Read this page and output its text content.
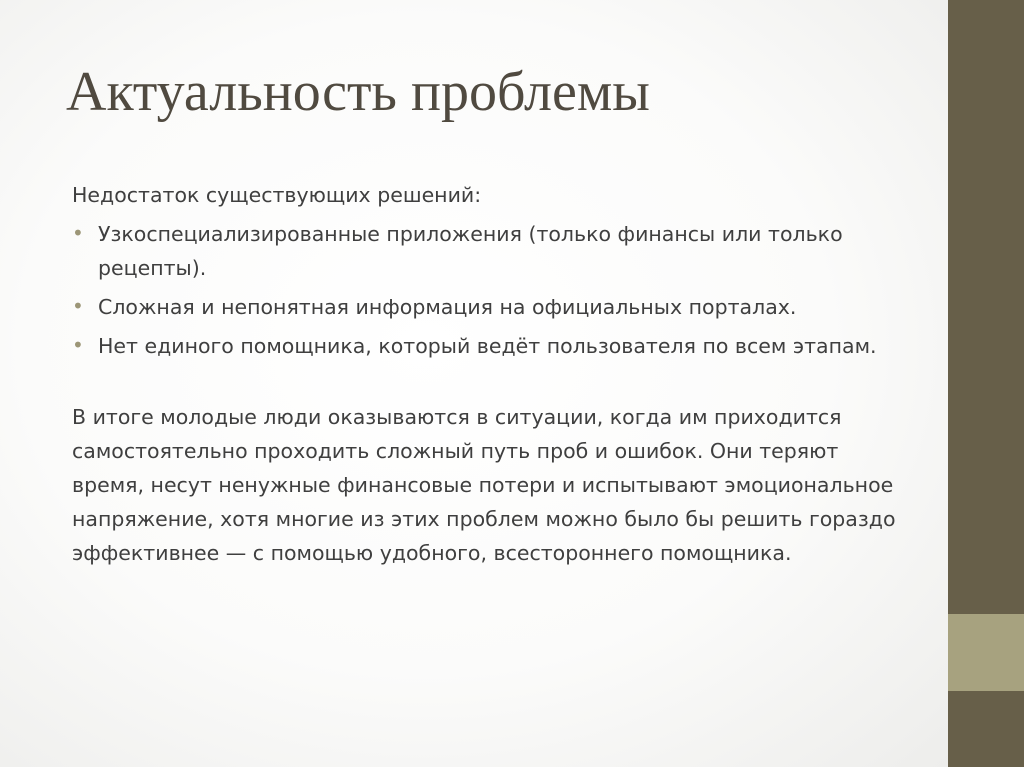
Актуальность проблемы

Недостаток существующих решений:

• Узкоспециализированные приложения (только финансы или только рецепты).
• Сложная и непонятная информация на официальных порталах.
• Нет единого помощника, который ведёт пользователя по всем этапам.

В итоге молодые люди оказываются в ситуации, когда им приходится самостоятельно проходить сложный путь проб и ошибок. Они теряют время, несут ненужные финансовые потери и испытывают эмоциональное напряжение, хотя многие из этих проблем можно было бы решить гораздо эффективнее — с помощью удобного, всестороннего помощника.
